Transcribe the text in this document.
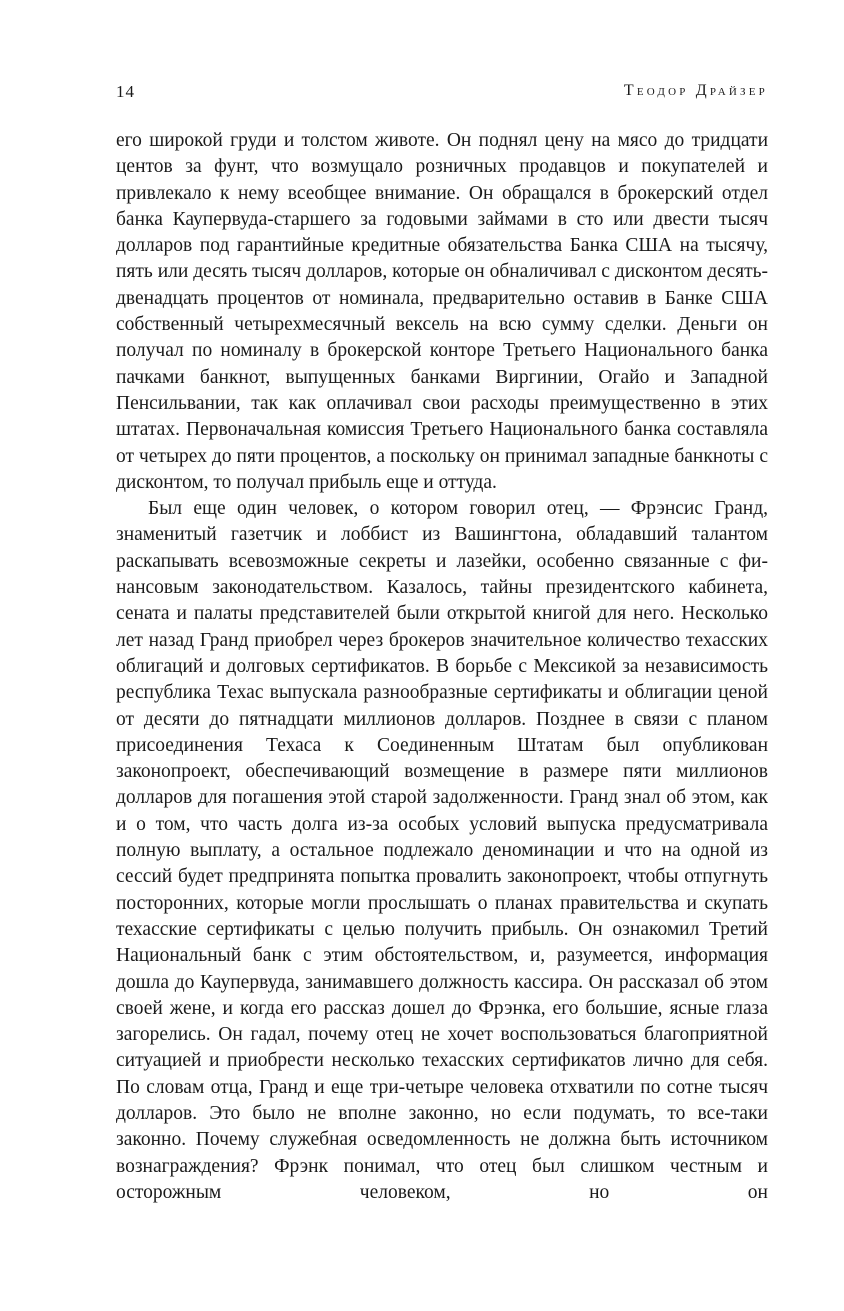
14	Теодор Драйзер

его широкой груди и толстом животе. Он поднял цену на мясо до тридцати центов за фунт, что возмущало розничных продавцов и покупателей и привлекало к нему всеобщее внимание. Он обращался в брокерский отдел банка Каупервуда-старшего за годовыми займами в сто или двести тысяч долларов под гарантийные кредитные обязательства Банка США на тысячу, пять или десять тысяч долларов, которые он обналичивал с дисконтом десять-двенадцать процентов от номинала, предварительно оставив в Банке США собственный четырехмесячный вексель на всю сумму сделки. Деньги он получал по номиналу в брокерской конторе Третьего Национального банка пачками банкнот, выпущенных банками Виргинии, Огайо и Западной Пенсильвании, так как оплачивал свои расходы преимущественно в этих штатах. Первоначальная комиссия Третьего Национального банка составляла от четырех до пяти процентов, а поскольку он принимал западные банкноты с дисконтом, то получал прибыль еще и оттуда.

Был еще один человек, о котором говорил отец, — Фрэнсис Гранд, знаменитый газетчик и лоббист из Вашингтона, обладавший талантом раскапывать всевозможные секреты и лазейки, особенно связанные с финансовым законодательством. Казалось, тайны президентского кабинета, сената и палаты представителей были открытой книгой для него. Несколько лет назад Гранд приобрел через брокеров значительное количество техасских облигаций и долговых сертификатов. В борьбе с Мексикой за независимость республика Техас выпускала разнообразные сертификаты и облигации ценой от десяти до пятнадцати миллионов долларов. Позднее в связи с планом присоединения Техаса к Соединенным Штатам был опубликован законопроект, обеспечивающий возмещение в размере пяти миллионов долларов для погашения этой старой задолженности. Гранд знал об этом, как и о том, что часть долга из-за особых условий выпуска предусматривала полную выплату, а остальное подлежало деноминации и что на одной из сессий будет предпринята попытка провалить законопроект, чтобы отпугнуть посторонних, которые могли прослышать о планах правительства и скупать техасские сертификаты с целью получить прибыль. Он ознакомил Третий Национальный банк с этим обстоятельством, и, разумеется, информация дошла до Каупервуда, занимавшего должность кассира. Он рассказал об этом своей жене, и когда его рассказ дошел до Фрэнка, его большие, ясные глаза загорелись. Он гадал, почему отец не хочет воспользоваться благоприятной ситуацией и приобрести несколько техасских сертификатов лично для себя. По словам отца, Гранд и еще три-четыре человека отхватили по сотне тысяч долларов. Это было не вполне законно, но если подумать, то все-таки законно. Почему служебная осведомленность не должна быть источником вознаграждения? Фрэнк понимал, что отец был слишком честным и осторожным человеком, но он
